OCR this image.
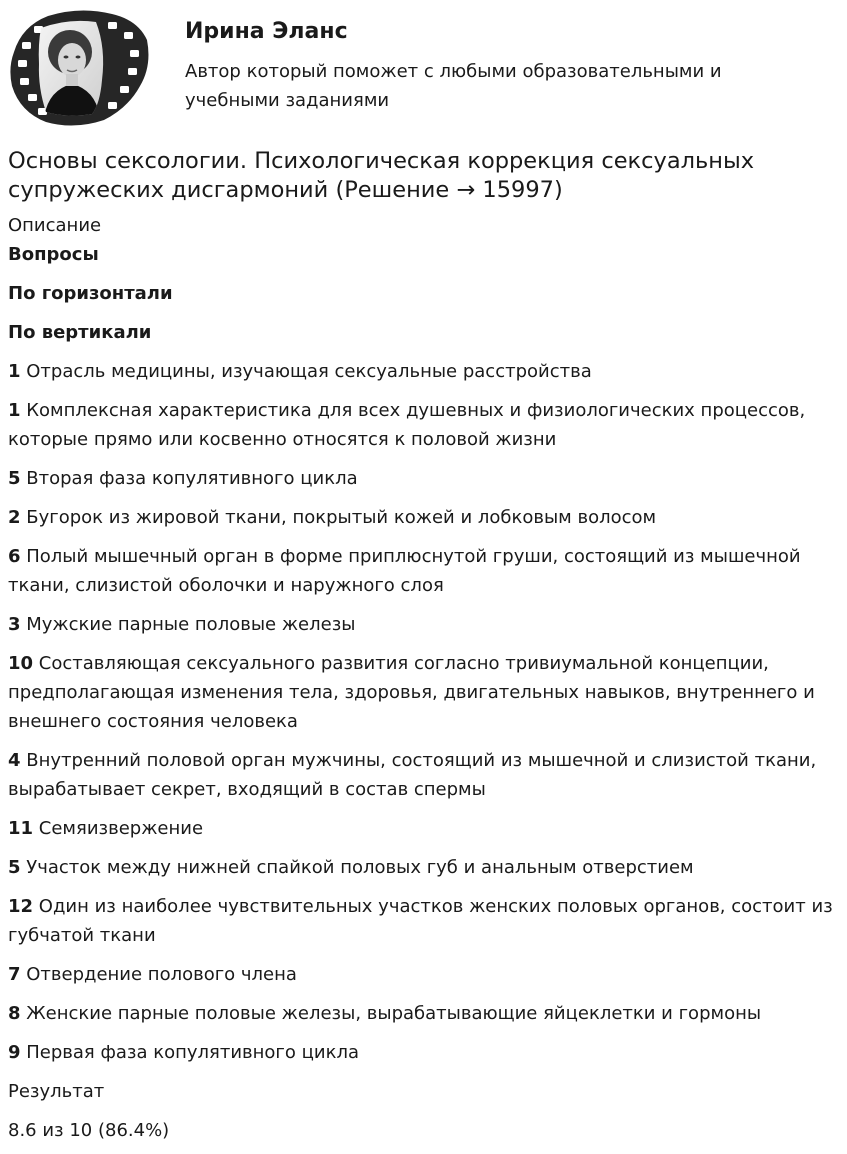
Ирина Эланс

Автор который поможет с любыми образовательными и учебными заданиями

Основы сексологии. Психологическая коррекция сексуальных супружеских дисгармоний (Решение → 15997)

Описание

Вопросы

По горизонтали

По вертикали

1 Отрасль медицины, изучающая сексуальные расстройства

1 Комплексная характеристика для всех душевных и физиологических процессов, которые прямо или косвенно относятся к половой жизни

5 Вторая фаза копулятивного цикла

2 Бугорок из жировой ткани, покрытый кожей и лобковым волосом

6 Полый мышечный орган в форме приплюснутой груши, состоящий из мышечной ткани, слизистой оболочки и наружного слоя

3 Мужские парные половые железы

10 Составляющая сексуального развития согласно тривиумальной концепции, предполагающая изменения тела, здоровья, двигательных навыков, внутреннего и внешнего состояния человека

4 Внутренний половой орган мужчины, состоящий из мышечной и слизистой ткани, вырабатывает секрет, входящий в состав спермы

11 Семяизвержение

5 Участок между нижней спайкой половых губ и анальным отверстием

12 Один из наиболее чувствительных участков женских половых органов, состоит из губчатой ткани

7 Отвердение полового члена

8 Женские парные половые железы, вырабатывающие яйцеклетки и гормоны

9 Первая фаза копулятивного цикла

Результат

8.6 из 10 (86.4%)
